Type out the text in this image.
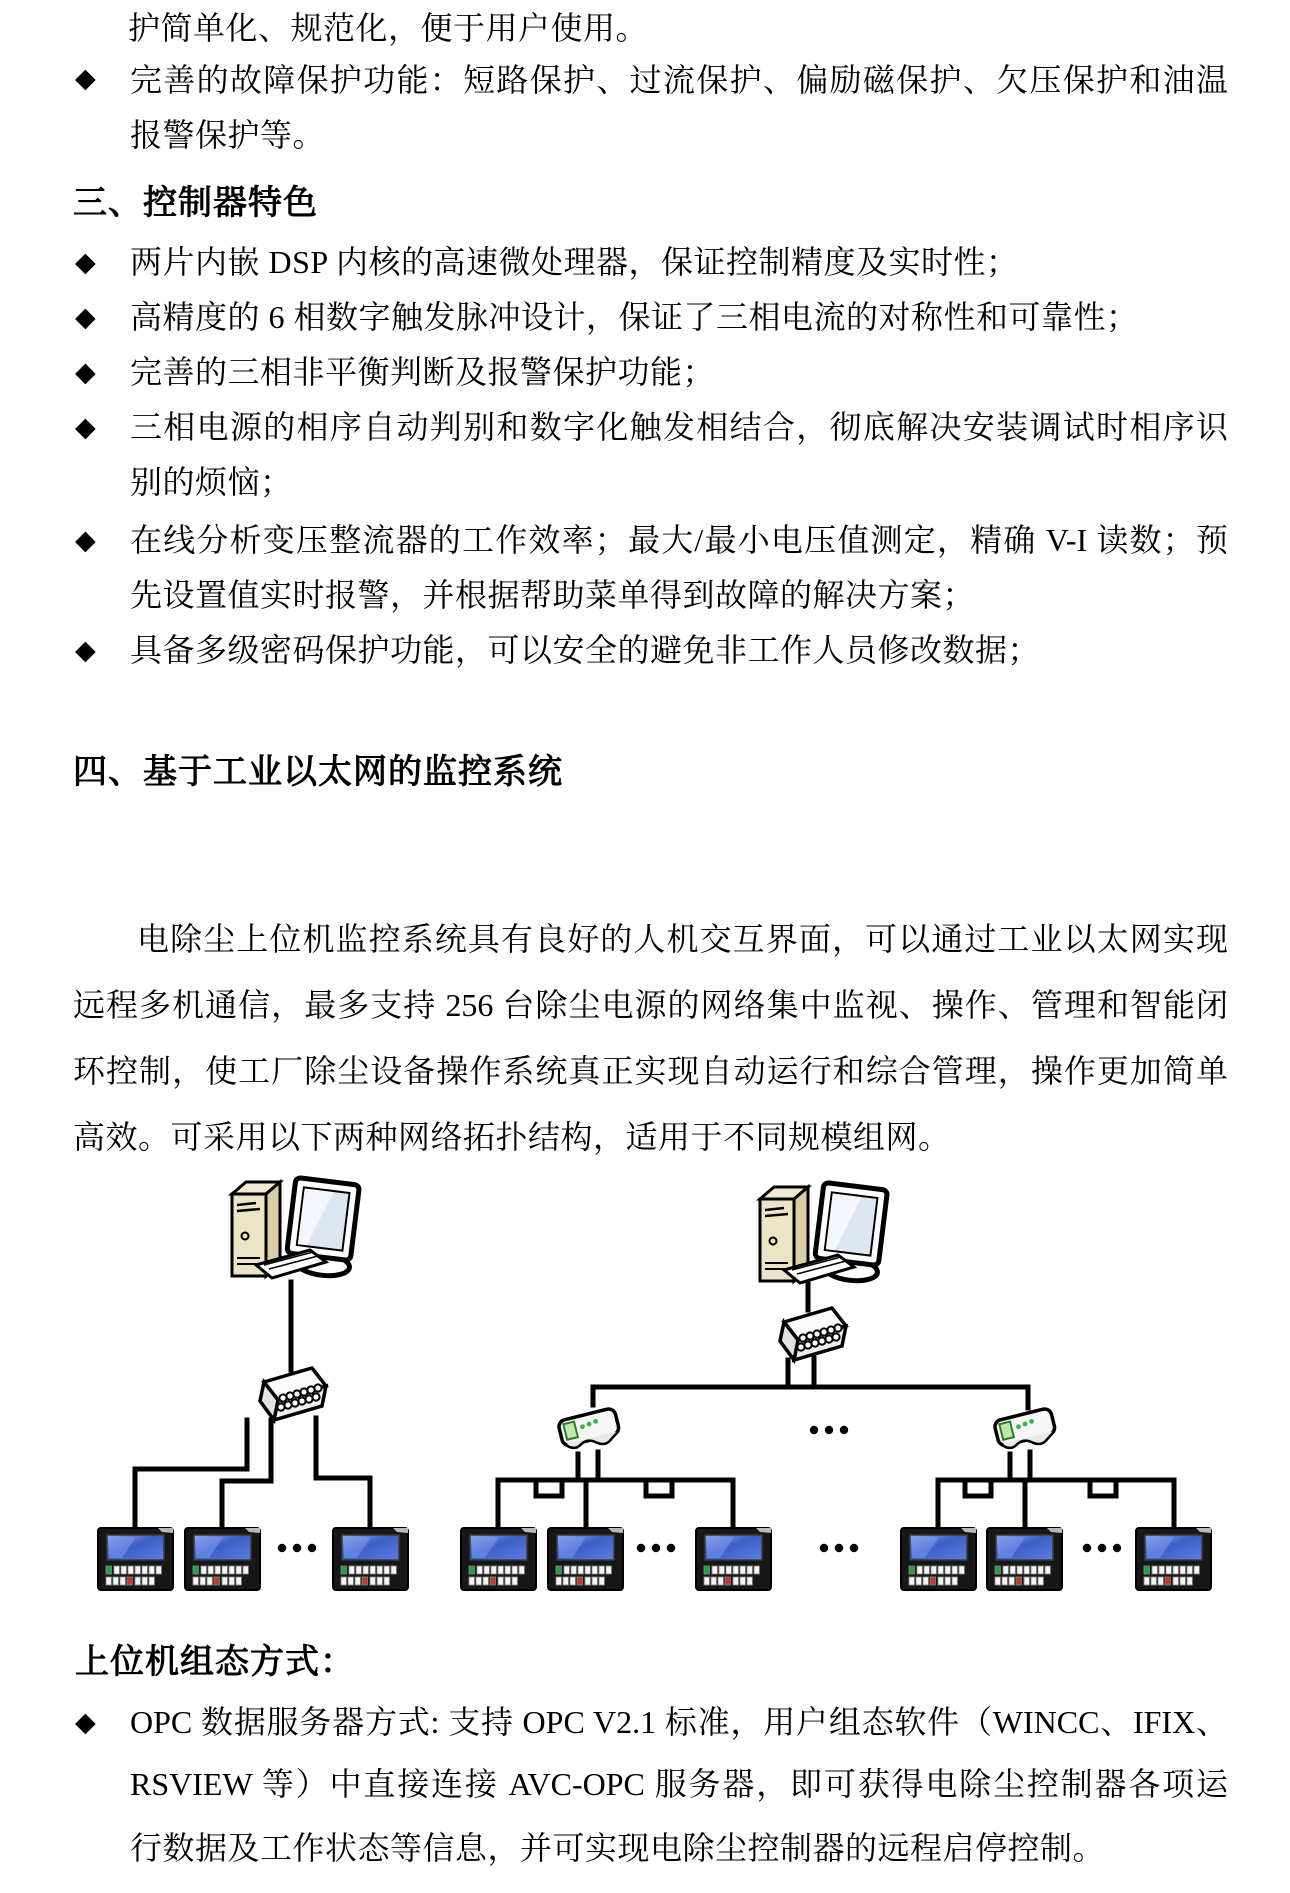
护简单化、规范化，便于用户使用。
◆ 完善的故障保护功能：短路保护、过流保护、偏励磁保护、欠压保护和油温
报警保护等。
三、控制器特色
◆ 两片内嵌 DSP 内核的高速微处理器，保证控制精度及实时性；
◆ 高精度的 6 相数字触发脉冲设计，保证了三相电流的对称性和可靠性；
◆ 完善的三相非平衡判断及报警保护功能；
◆ 三相电源的相序自动判别和数字化触发相结合，彻底解决安装调试时相序识
别的烦恼；
◆ 在线分析变压整流器的工作效率；最大/最小电压值测定，精确 V-I 读数；预
先设置值实时报警，并根据帮助菜单得到故障的解决方案；
◆ 具备多级密码保护功能，可以安全的避免非工作人员修改数据；
四、基于工业以太网的监控系统
电除尘上位机监控系统具有良好的人机交互界面，可以通过工业以太网实现
远程多机通信，最多支持 256 台除尘电源的网络集中监视、操作、管理和智能闭
环控制，使工厂除尘设备操作系统真正实现自动运行和综合管理，操作更加简单
高效。可采用以下两种网络拓扑结构，适用于不同规模组网。
上位机组态方式：
◆ OPC 数据服务器方式: 支持 OPC V2.1 标准，用户组态软件（WINCC、IFIX、
RSVIEW 等）中直接连接 AVC-OPC 服务器，即可获得电除尘控制器各项运
行数据及工作状态等信息，并可实现电除尘控制器的远程启停控制。
